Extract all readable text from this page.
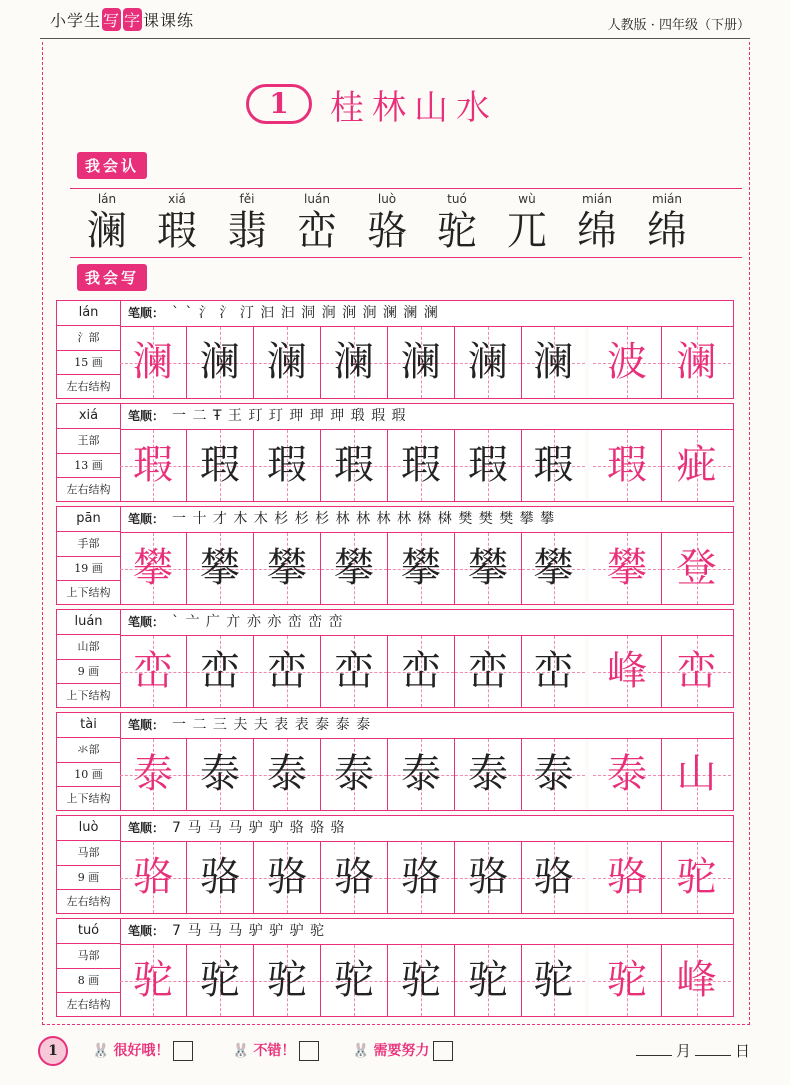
小学生 写 字 课课练	人教版 · 四年级（下册）
1	桂林山水
我会认
lán
澜
xiá
瑕
fěi
翡
luán
峦
luò
骆
tuó
驼
wù
兀
mián
绵
mián
绵
我会写
lán
氵部
15 画
左右结构
笔顺： ` ` 氵 氵 汀 汩 汩 洞 涧 涧 涧 澜 澜 澜
澜 澜 澜 澜 澜 澜 澜 波 澜
xiá
王部
13 画
左右结构
笔顺： 一 二 Ŧ 王 玎 玎 玾 玾 玾 瑖 瑕 瑕
瑕 瑕 瑕 瑕 瑕 瑕 瑕 瑕 疵
pān
手部
19 画
上下结构
笔顺： 一 十 才 木 木 杉 杉 杉 林 林 林 林 棥 棥 樊 樊 樊 攀 攀
攀 攀 攀 攀 攀 攀 攀 攀 登
luán
山部
9 画
上下结构
笔顺： ` 亠 广 亣 亦 亦 峦 峦 峦
峦 峦 峦 峦 峦 峦 峦 峰 峦
tài
氺部
10 画
上下结构
笔顺： 一 二 三 夫 夫 表 表 泰 泰 泰
泰 泰 泰 泰 泰 泰 泰 泰 山
luò
马部
9 画
左右结构
笔顺： 7 马 马 马 驴 驴 骆 骆 骆
骆 骆 骆 骆 骆 骆 骆 骆 驼
tuó
马部
8 画
左右结构
笔顺： 7 马 马 马 驴 驴 驴 驼
驼 驼 驼 驼 驼 驼 驼 驼 峰
1	🐰 很好哦！	🐰 不错！	🐰 需要努力	月	日
